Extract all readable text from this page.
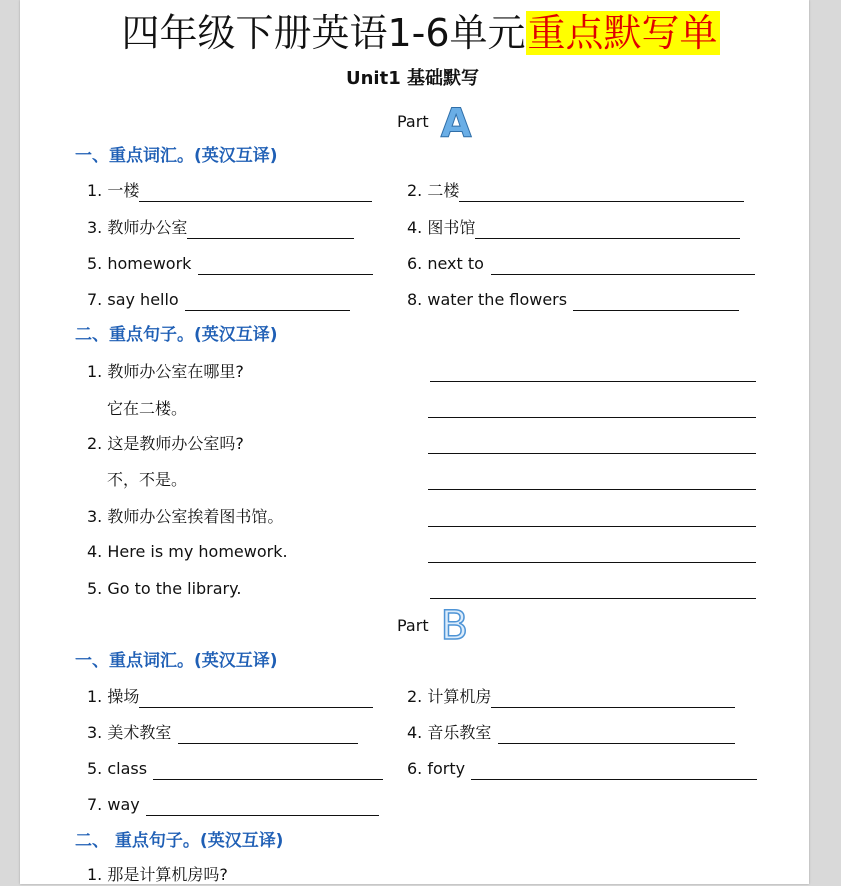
四年级下册英语1-6单元重点默写单
Unit1 基础默写
Part A
一、重点词汇。(英汉互译)
1. 一楼	2. 二楼
3. 教师办公室	4. 图书馆
5. homework	6. next to
7. say hello	8. water the flowers
二、重点句子。(英汉互译)
1. 教师办公室在哪里?
它在二楼。
2. 这是教师办公室吗?
不，不是。
3. 教师办公室挨着图书馆。
4. Here is my homework.
5. Go to the library.
Part B
一、重点词汇。(英汉互译)
1. 操场	2. 计算机房
3. 美术教室	4. 音乐教室
5. class	6. forty
7. way
二、 重点句子。(英汉互译)
1. 那是计算机房吗?
